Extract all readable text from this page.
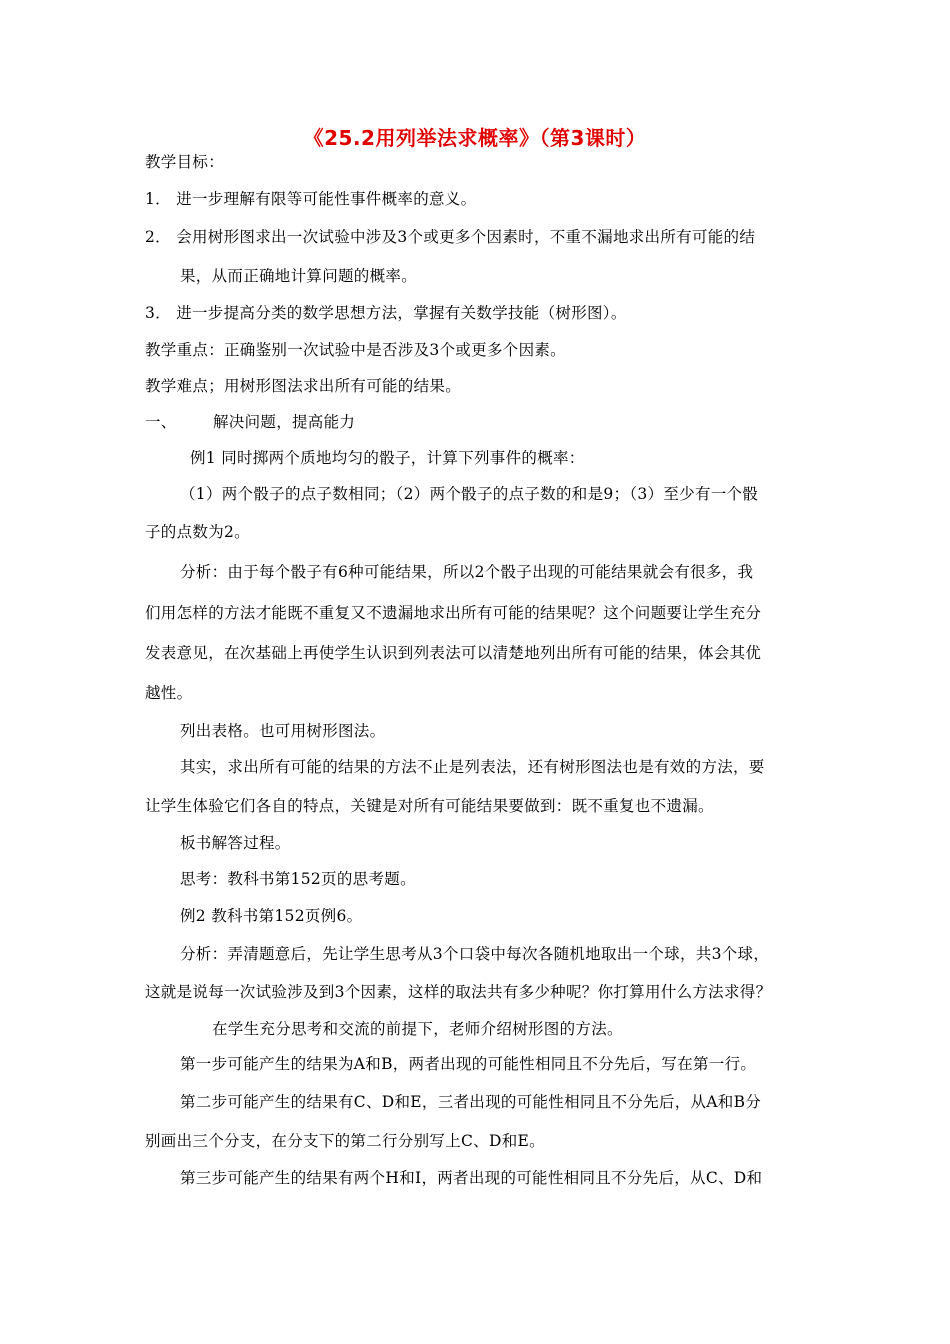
《25.2用列举法求概率》（第3课时）
教学目标：
1． 进一步理解有限等可能性事件概率的意义。
2． 会用树形图求出一次试验中涉及3个或更多个因素时，不重不漏地求出所有可能的结
果，从而正确地计算问题的概率。
3． 进一步提高分类的数学思想方法，掌握有关数学技能（树形图）。
教学重点：正确鉴别一次试验中是否涉及3个或更多个因素。
教学难点；用树形图法求出所有可能的结果。
一、 解决问题，提高能力
例1 同时掷两个质地均匀的骰子，计算下列事件的概率：
（1）两个骰子的点子数相同；（2）两个骰子的点子数的和是9；（3）至少有一个骰
子的点数为2。
分析：由于每个骰子有6种可能结果，所以2个骰子出现的可能结果就会有很多，我
们用怎样的方法才能既不重复又不遗漏地求出所有可能的结果呢？这个问题要让学生充分
发表意见，在次基础上再使学生认识到列表法可以清楚地列出所有可能的结果，体会其优
越性。
列出表格。也可用树形图法。
其实，求出所有可能的结果的方法不止是列表法，还有树形图法也是有效的方法，要
让学生体验它们各自的特点，关键是对所有可能结果要做到：既不重复也不遗漏。
板书解答过程。
思考：教科书第152页的思考题。
例2 教科书第152页例6。
分析：弄清题意后，先让学生思考从3个口袋中每次各随机地取出一个球，共3个球，
这就是说每一次试验涉及到3个因素，这样的取法共有多少种呢？你打算用什么方法求得？
在学生充分思考和交流的前提下，老师介绍树形图的方法。
第一步可能产生的结果为A和B，两者出现的可能性相同且不分先后，写在第一行。
第二步可能产生的结果有C、D和E，三者出现的可能性相同且不分先后，从A和B分
别画出三个分支，在分支下的第二行分别写上C、D和E。
第三步可能产生的结果有两个H和I，两者出现的可能性相同且不分先后，从C、D和
